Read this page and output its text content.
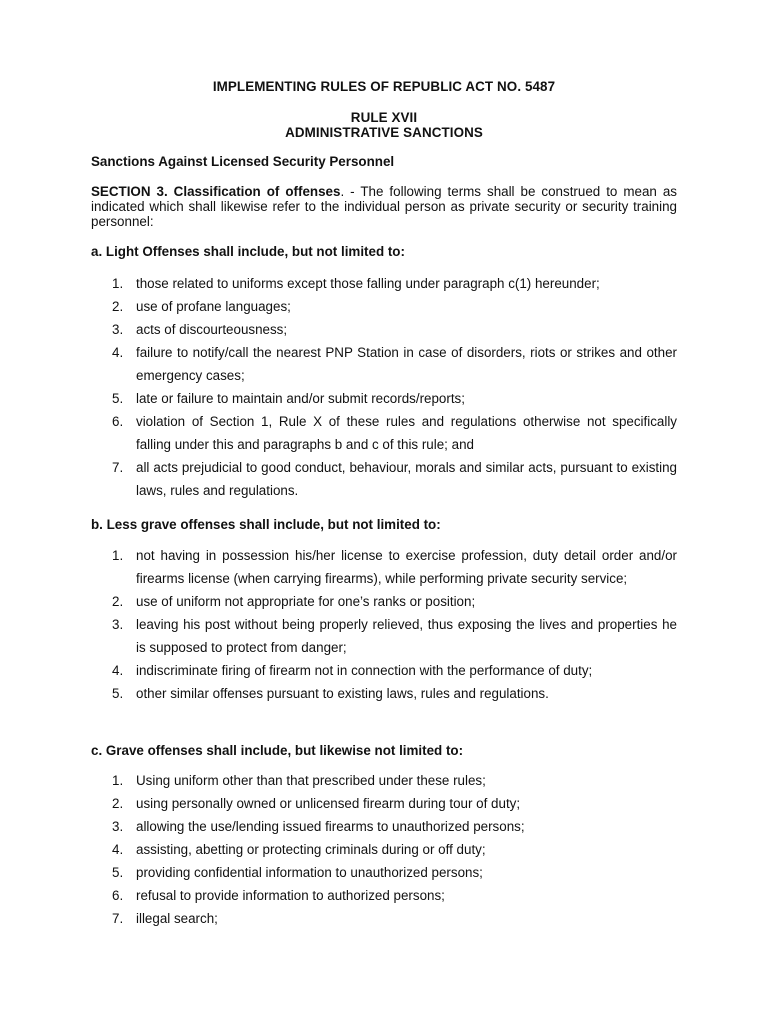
IMPLEMENTING RULES OF REPUBLIC ACT NO. 5487
RULE XVII
ADMINISTRATIVE SANCTIONS
Sanctions Against Licensed Security Personnel
SECTION 3. Classification of offenses. - The following terms shall be construed to mean as indicated which shall likewise refer to the individual person as private security or security training personnel:
a. Light Offenses shall include, but not limited to:
1. those related to uniforms except those falling under paragraph c(1) hereunder;
2. use of profane languages;
3. acts of discourteousness;
4. failure to notify/call the nearest PNP Station in case of disorders, riots or strikes and other emergency cases;
5. late or failure to maintain and/or submit records/reports;
6. violation of Section 1, Rule X of these rules and regulations otherwise not specifically falling under this and paragraphs b and c of this rule; and
7. all acts prejudicial to good conduct, behaviour, morals and similar acts, pursuant to existing laws, rules and regulations.
b. Less grave offenses shall include, but not limited to:
1. not having in possession his/her license to exercise profession, duty detail order and/or firearms license (when carrying firearms), while performing private security service;
2. use of uniform not appropriate for one’s ranks or position;
3. leaving his post without being properly relieved, thus exposing the lives and properties he is supposed to protect from danger;
4. indiscriminate firing of firearm not in connection with the performance of duty;
5. other similar offenses pursuant to existing laws, rules and regulations.
c. Grave offenses shall include, but likewise not limited to:
1. Using uniform other than that prescribed under these rules;
2. using personally owned or unlicensed firearm during tour of duty;
3. allowing the use/lending issued firearms to unauthorized persons;
4. assisting, abetting or protecting criminals during or off duty;
5. providing confidential information to unauthorized persons;
6. refusal to provide information to authorized persons;
7. illegal search;
